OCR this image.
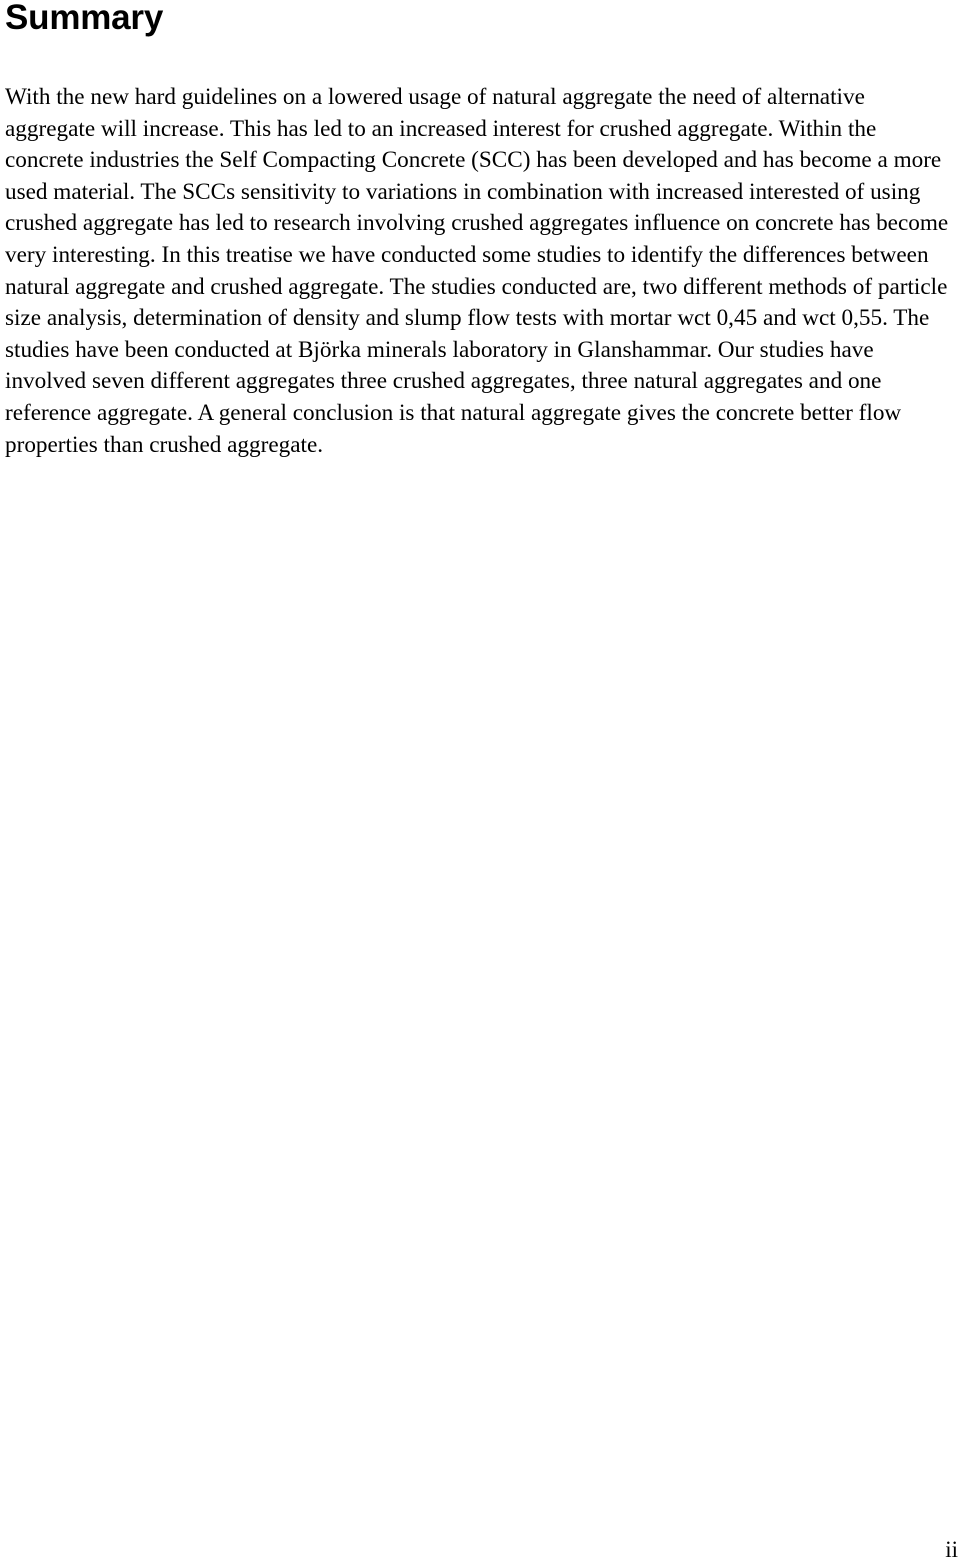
Summary

With the new hard guidelines on a lowered usage of natural aggregate the need of alternative aggregate will increase. This has led to an increased interest for crushed aggregate. Within the concrete industries the Self Compacting Concrete (SCC) has been developed and has become a more used material. The SCCs sensitivity to variations in combination with increased interested of using crushed aggregate has led to research involving crushed aggregates influence on concrete has become very interesting. In this treatise we have conducted some studies to identify the differences between natural aggregate and crushed aggregate. The studies conducted are, two different methods of particle size analysis, determination of density and slump flow tests with mortar wct 0,45 and wct 0,55. The studies have been conducted at Björka minerals laboratory in Glanshammar. Our studies have involved seven different aggregates three crushed aggregates, three natural aggregates and one reference aggregate. A general conclusion is that natural aggregate gives the concrete better flow properties than crushed aggregate.

ii
